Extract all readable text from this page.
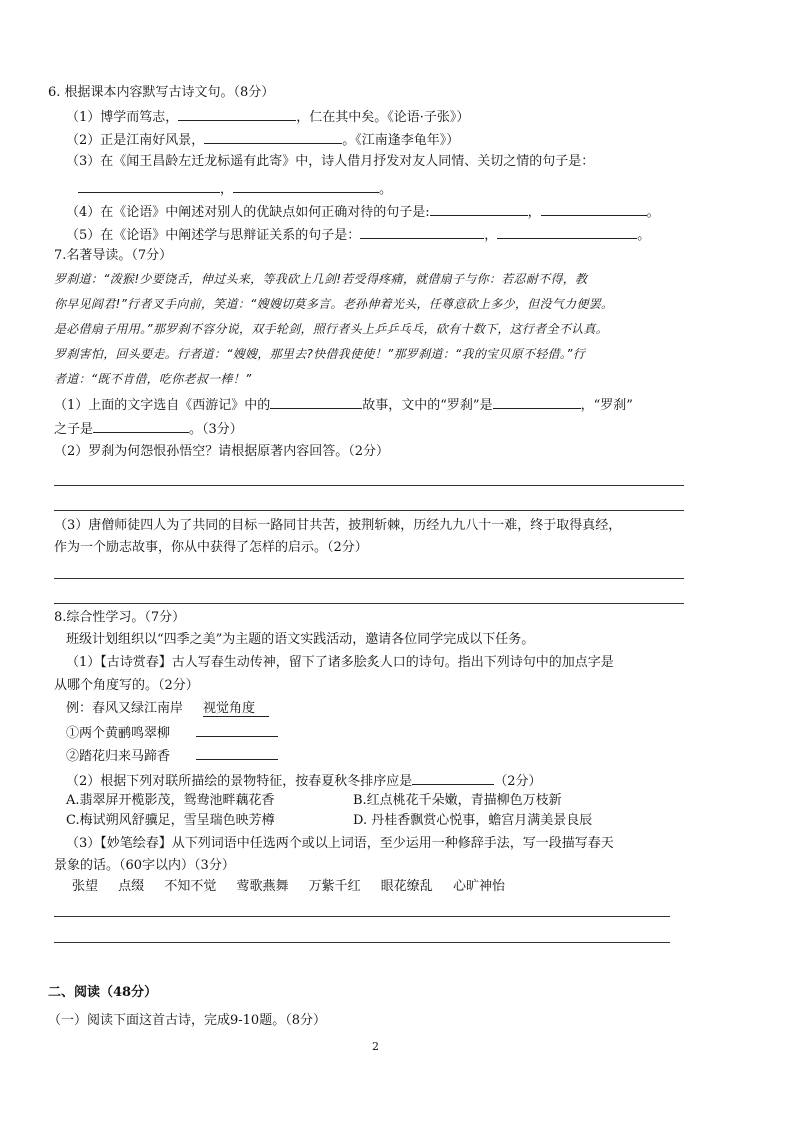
6. 根据课本内容默写古诗文句。（8分）
（1）博学而笃志，	，仁在其中矣。《论语·子张》）
（2）正是江南好风景，	。《江南逢李龟年》）
（3）在《闻王昌龄左迁龙标遥有此寄》中，诗人借月抒发对友人同情、关切之情的句子是：
，	。
（4）在《论语》中阐述对别人的优缺点如何正确对待的句子是:	，	。
（5）在《论语》中阐述学与思辩证关系的句子是：	，	。
7.名著导读。（7分）
罗刹道：“泼猴!少要饶舌，伸过头来，等我砍上几剑!若受得疼痛，就借扇子与你：若忍耐不得，教
你早见阎君!”行者叉手向前，笑道：“嫂嫂切莫多言。老孙伸着光头，任尊意砍上多少，但没气力便罢。
是必借扇子用用。”那罗刹不容分说，双手轮剑，照行者头上乒乒乓乓，砍有十数下，这行者全不认真。
罗刹害怕，回头要走。行者道：“嫂嫂，那里去?快借我使使！”那罗刹道：“我的宝贝原不轻借。”行
者道：“既不肯借，吃你老叔一棒！”
（1）上面的文字选自《西游记》中的	故事，文中的“罗刹”是	，“罗刹”
之子是	。（3分）
（2）罗刹为何怨恨孙悟空？请根据原著内容回答。（2分）
（3）唐僧师徒四人为了共同的目标一路同甘共苦，披荆斩棘，历经九九八十一难，终于取得真经，
作为一个励志故事，你从中获得了怎样的启示。（2分）
8.综合性学习。（7分）
班级计划组织以“四季之美”为主题的语文实践活动，邀请各位同学完成以下任务。
（1）【古诗赏春】古人写春生动传神，留下了诸多脍炙人口的诗句。指出下列诗句中的加点字是
从哪个角度写的。（2分）
例：春风又绿江南岸 视觉角度
①两个黄鹂鸣翠柳
②踏花归来马蹄香
（2）根据下列对联所描绘的景物特征，按春夏秋冬排序应是	（2分）
A.翡翠屏开榄影茂，鸳鸯池畔藕花香	B.红点桃花千朵嫩，青描柳色万枝新
C.梅试朔风舒骥足，雪呈瑞色映芳樽	D. 丹桂香飘赏心悦事，蟾宫月满美景良辰
（3）【妙笔绘春】从下列词语中任选两个或以上词语，至少运用一种修辞手法，写一段描写春天
景象的话。（60字以内）（3分）
张望 点缀 不知不觉 莺歌燕舞 万紫千红 眼花缭乱 心旷神怡
二、阅读（48分）
（一）阅读下面这首古诗，完成9-10题。（8分）
2
